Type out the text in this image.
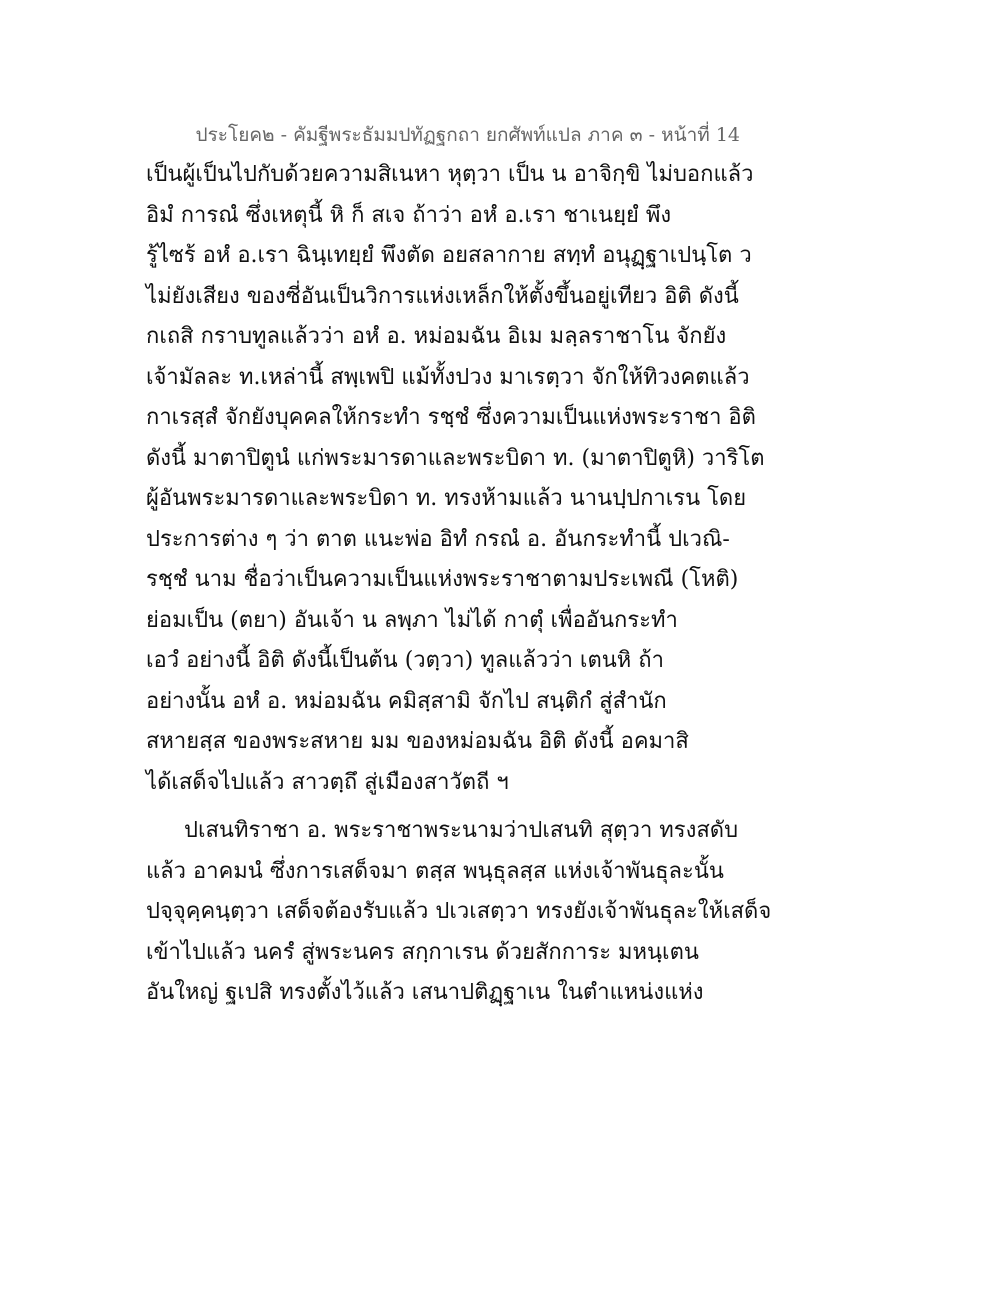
ประโยค๒ - คัมฐีพระธัมมปทัฏฐกถา ยกศัพท์แปล ภาค ๓ - หน้าที่ 14
เป็นผู้เป็นไปกับด้วยความสิเนหา หุตฺวา เป็น น อาจิกฺขิ ไม่บอกแล้ว
อิมํ การณํ ซึ่งเหตุนี้ หิ ก็ สเจ ถ้าว่า อหํ อ.เรา ชาเนยฺยํ พึง
รู้ไซร้ อหํ อ.เรา ฉินฺเทยฺยํ พึงตัด อยสลากาย สทฺทํ อนุฏฺฐาเปนฺโต ว
ไม่ยังเสียง ของซี่อันเป็นวิการแห่งเหล็กให้ตั้งขึ้นอยู่เทียว อิติ ดังนี้
กเถสิ กราบทูลแล้วว่า อหํ อ. หม่อมฉัน อิเม มลฺลราชาโน จักยัง
เจ้ามัลละ ท.เหล่านี้ สพฺเพปิ แม้ทั้งปวง มาเรตฺวา จักให้ทิวงคตแล้ว
กาเรสฺสํ จักยังบุคคลให้กระทำ รชฺชํ ซึ่งความเป็นแห่งพระราชา อิติ
ดังนี้ มาตาปิตูนํ แก่พระมารดาและพระบิดา ท. (มาตาปิตูหิ) วาริโต
ผู้อันพระมารดาและพระบิดา ท. ทรงห้ามแล้ว นานปฺปกาเรน โดย
ประการต่าง ๆ ว่า ตาต แนะพ่อ อิทํ กรณํ อ. อันกระทำนี้ ปเวณิ-
รชฺชํ นาม ชื่อว่าเป็นความเป็นแห่งพระราชาตามประเพณี (โหติ)
ย่อมเป็น (ตยา) อันเจ้า น ลพฺภา ไม่ได้ กาตุํ เพื่ออันกระทำ
เอวํ อย่างนี้ อิติ ดังนี้เป็นต้น (วตฺวา) ทูลแล้วว่า เตนหิ ถ้า
อย่างนั้น อหํ อ. หม่อมฉัน คมิสฺสามิ จักไป สนฺติกํ สู่สำนัก
สหายสฺส ของพระสหาย มม ของหม่อมฉัน อิติ ดังนี้ อคมาสิ
ได้เสด็จไปแล้ว สาวตฺถึ สู่เมืองสาวัตถี ฯ
ปเสนทิราชา อ. พระราชาพระนามว่าปเสนทิ สุตฺวา ทรงสดับ
แล้ว อาคมนํ ซึ่งการเสด็จมา ตสฺส พนฺธุลสฺส แห่งเจ้าพันธุละนั้น
ปจฺจุคฺคนฺตฺวา เสด็จต้องรับแล้ว ปเวเสตฺวา ทรงยังเจ้าพันธุละให้เสด็จ
เข้าไปแล้ว นครํ สู่พระนคร สกฺกาเรน ด้วยสักการะ มหนฺเตน
อันใหญ่ ฐเปสิ ทรงตั้งไว้แล้ว เสนาปติฏฺฐาเน ในตำแหน่งแห่ง
